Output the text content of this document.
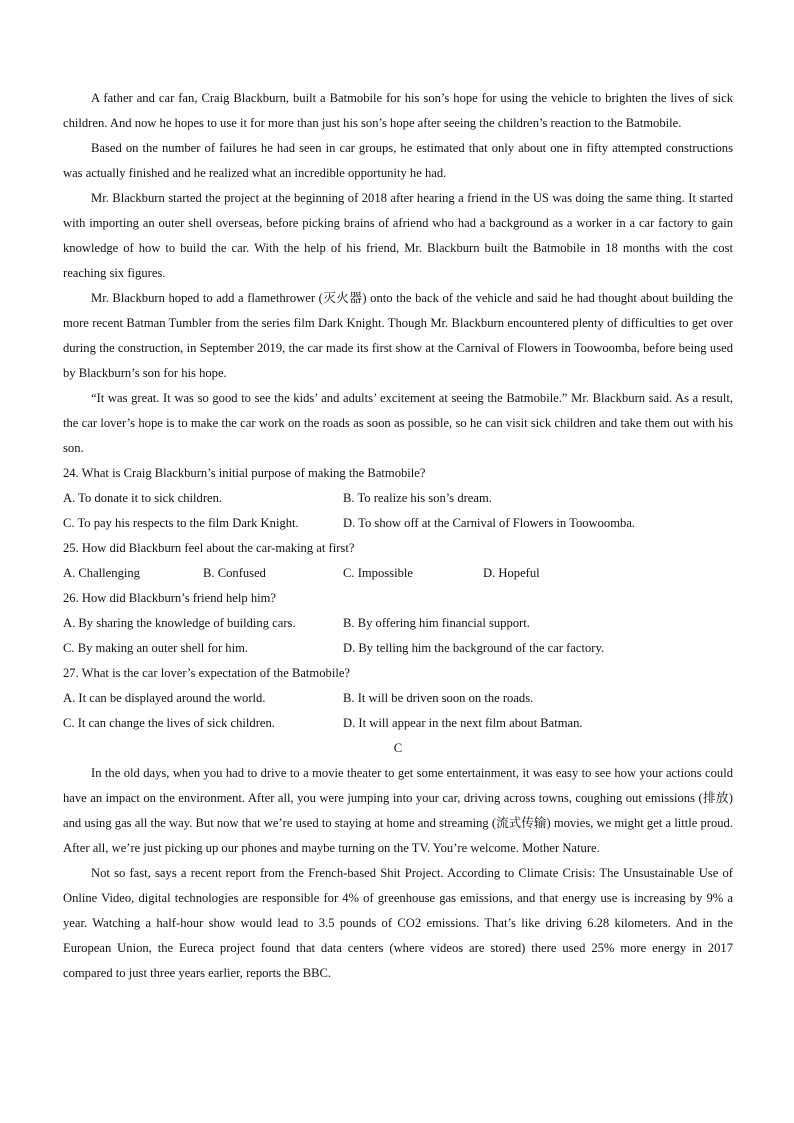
A father and car fan, Craig Blackburn, built a Batmobile for his son’s hope for using the vehicle to brighten the lives of sick children. And now he hopes to use it for more than just his son’s hope after seeing the children’s reaction to the Batmobile.

Based on the number of failures he had seen in car groups, he estimated that only about one in fifty attempted constructions was actually finished and he realized what an incredible opportunity he had.

Mr. Blackburn started the project at the beginning of 2018 after hearing a friend in the US was doing the same thing. It started with importing an outer shell overseas, before picking brains of afriend who had a background as a worker in a car factory to gain knowledge of how to build the car. With the help of his friend, Mr. Blackburn built the Batmobile in 18 months with the cost reaching six figures.

Mr. Blackburn hoped to add a flamethrower (灭火器) onto the back of the vehicle and said he had thought about building the more recent Batman Tumbler from the series film Dark Knight. Though Mr. Blackburn encountered plenty of difficulties to get over during the construction, in September 2019, the car made its first show at the Carnival of Flowers in Toowoomba, before being used by Blackburn’s son for his hope.

“It was great. It was so good to see the kids’ and adults’ excitement at seeing the Batmobile.” Mr. Blackburn said. As a result, the car lover’s hope is to make the car work on the roads as soon as possible, so he can visit sick children and take them out with his son.

24. What is Craig Blackburn’s initial purpose of making the Batmobile?

A. To donate it to sick children.	B. To realize his son’s dream.
C. To pay his respects to the film Dark Knight.	D. To show off at the Carnival of Flowers in Toowoomba.

25. How did Blackburn feel about the car-making at first?

A. Challenging	B. Confused	C. Impossible	D. Hopeful

26. How did Blackburn’s friend help him?

A. By sharing the knowledge of building cars.	B. By offering him financial support.
C. By making an outer shell for him.	D. By telling him the background of the car factory.

27. What is the car lover’s expectation of the Batmobile?

A. It can be displayed around the world.	B. It will be driven soon on the roads.
C. It can change the lives of sick children.	D. It will appear in the next film about Batman.

C

In the old days, when you had to drive to a movie theater to get some entertainment, it was easy to see how your actions could have an impact on the environment. After all, you were jumping into your car, driving across towns, coughing out emissions (排放) and using gas all the way. But now that we’re used to staying at home and streaming (流式传输) movies, we might get a little proud. After all, we’re just picking up our phones and maybe turning on the TV. You’re welcome. Mother Nature.

Not so fast, says a recent report from the French-based Shit Project. According to Climate Crisis: The Unsustainable Use of Online Video, digital technologies are responsible for 4% of greenhouse gas emissions, and that energy use is increasing by 9% a year. Watching a half-hour show would lead to 3.5 pounds of CO2 emissions. That’s like driving 6.28 kilometers. And in the European Union, the Eureca project found that data centers (where videos are stored) there used 25% more energy in 2017 compared to just three years earlier, reports the BBC.
